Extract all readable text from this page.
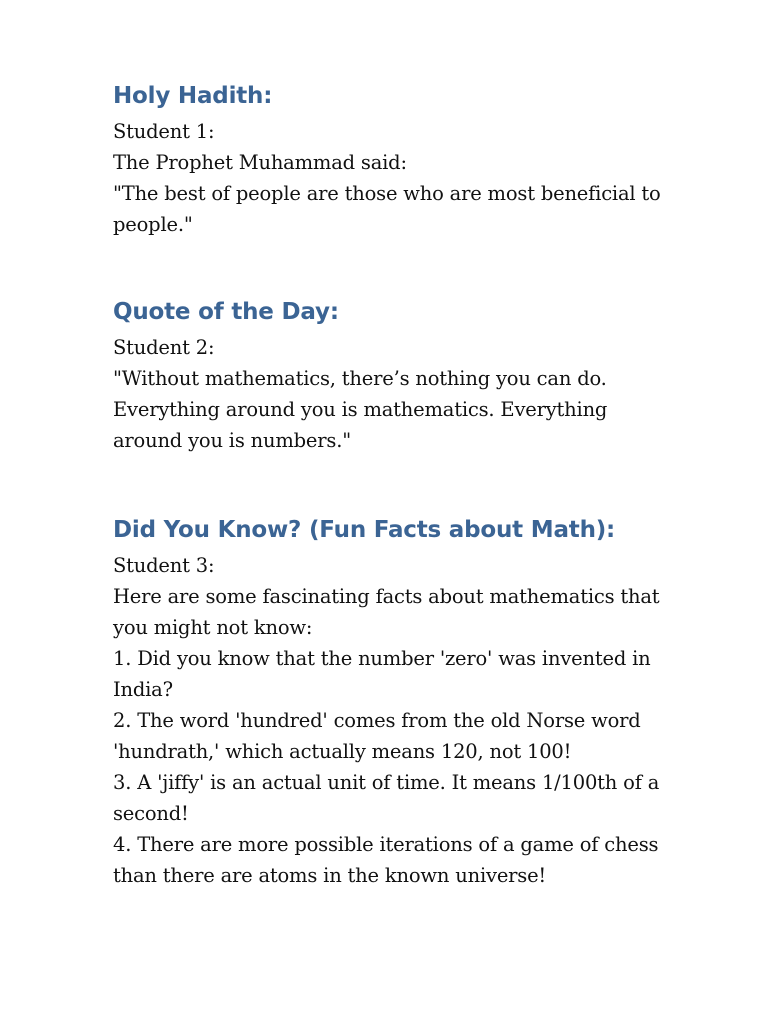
Holy Hadith:

Student 1:
The Prophet Muhammad said:
"The best of people are those who are most beneficial to
people."

Quote of the Day:

Student 2:
"Without mathematics, there’s nothing you can do.
Everything around you is mathematics. Everything
around you is numbers."

Did You Know? (Fun Facts about Math):

Student 3:
Here are some fascinating facts about mathematics that
you might not know:
1. Did you know that the number 'zero' was invented in
India?
2. The word 'hundred' comes from the old Norse word
'hundrath,' which actually means 120, not 100!
3. A 'jiffy' is an actual unit of time. It means 1/100th of a
second!
4. There are more possible iterations of a game of chess
than there are atoms in the known universe!
